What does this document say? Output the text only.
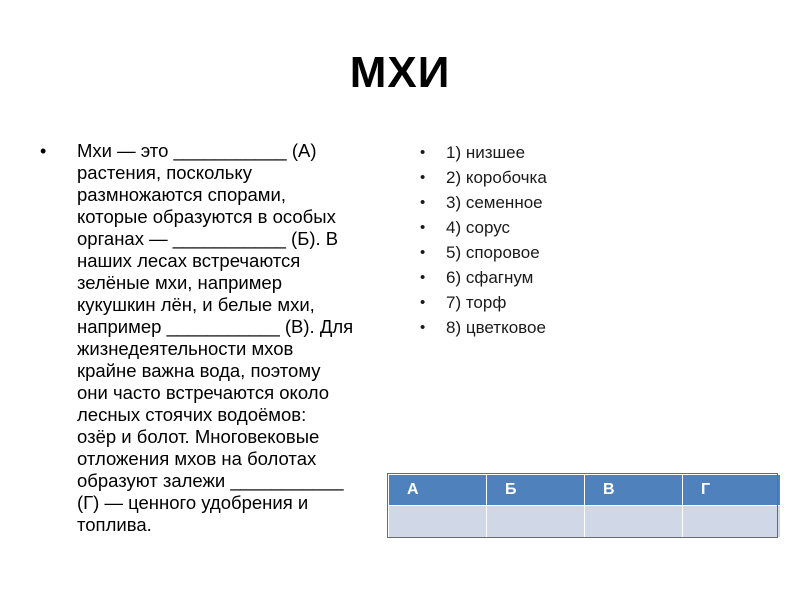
МХИ
•	Мхи — это ___________ (А)
растения, поскольку
размножаются спорами,
которые образуются в особых
органах — ___________ (Б). В
наших лесах встречаются
зелёные мхи, например
кукушкин лён, и белые мхи,
например ___________ (В). Для
жизнедеятельности мхов
крайне важна вода, поэтому
они часто встречаются около
лесных стоячих водоёмов:
озёр и болот. Многовековые
отложения мхов на болотах
образуют залежи ___________
(Г) — ценного удобрения и
топлива.

•	1) низшее
•	2) коробочка
•	3) семенное
•	4) сорус
•	5) споровое
•	6) сфагнум
•	7) торф
•	8) цветковое
А	Б	В	Г
